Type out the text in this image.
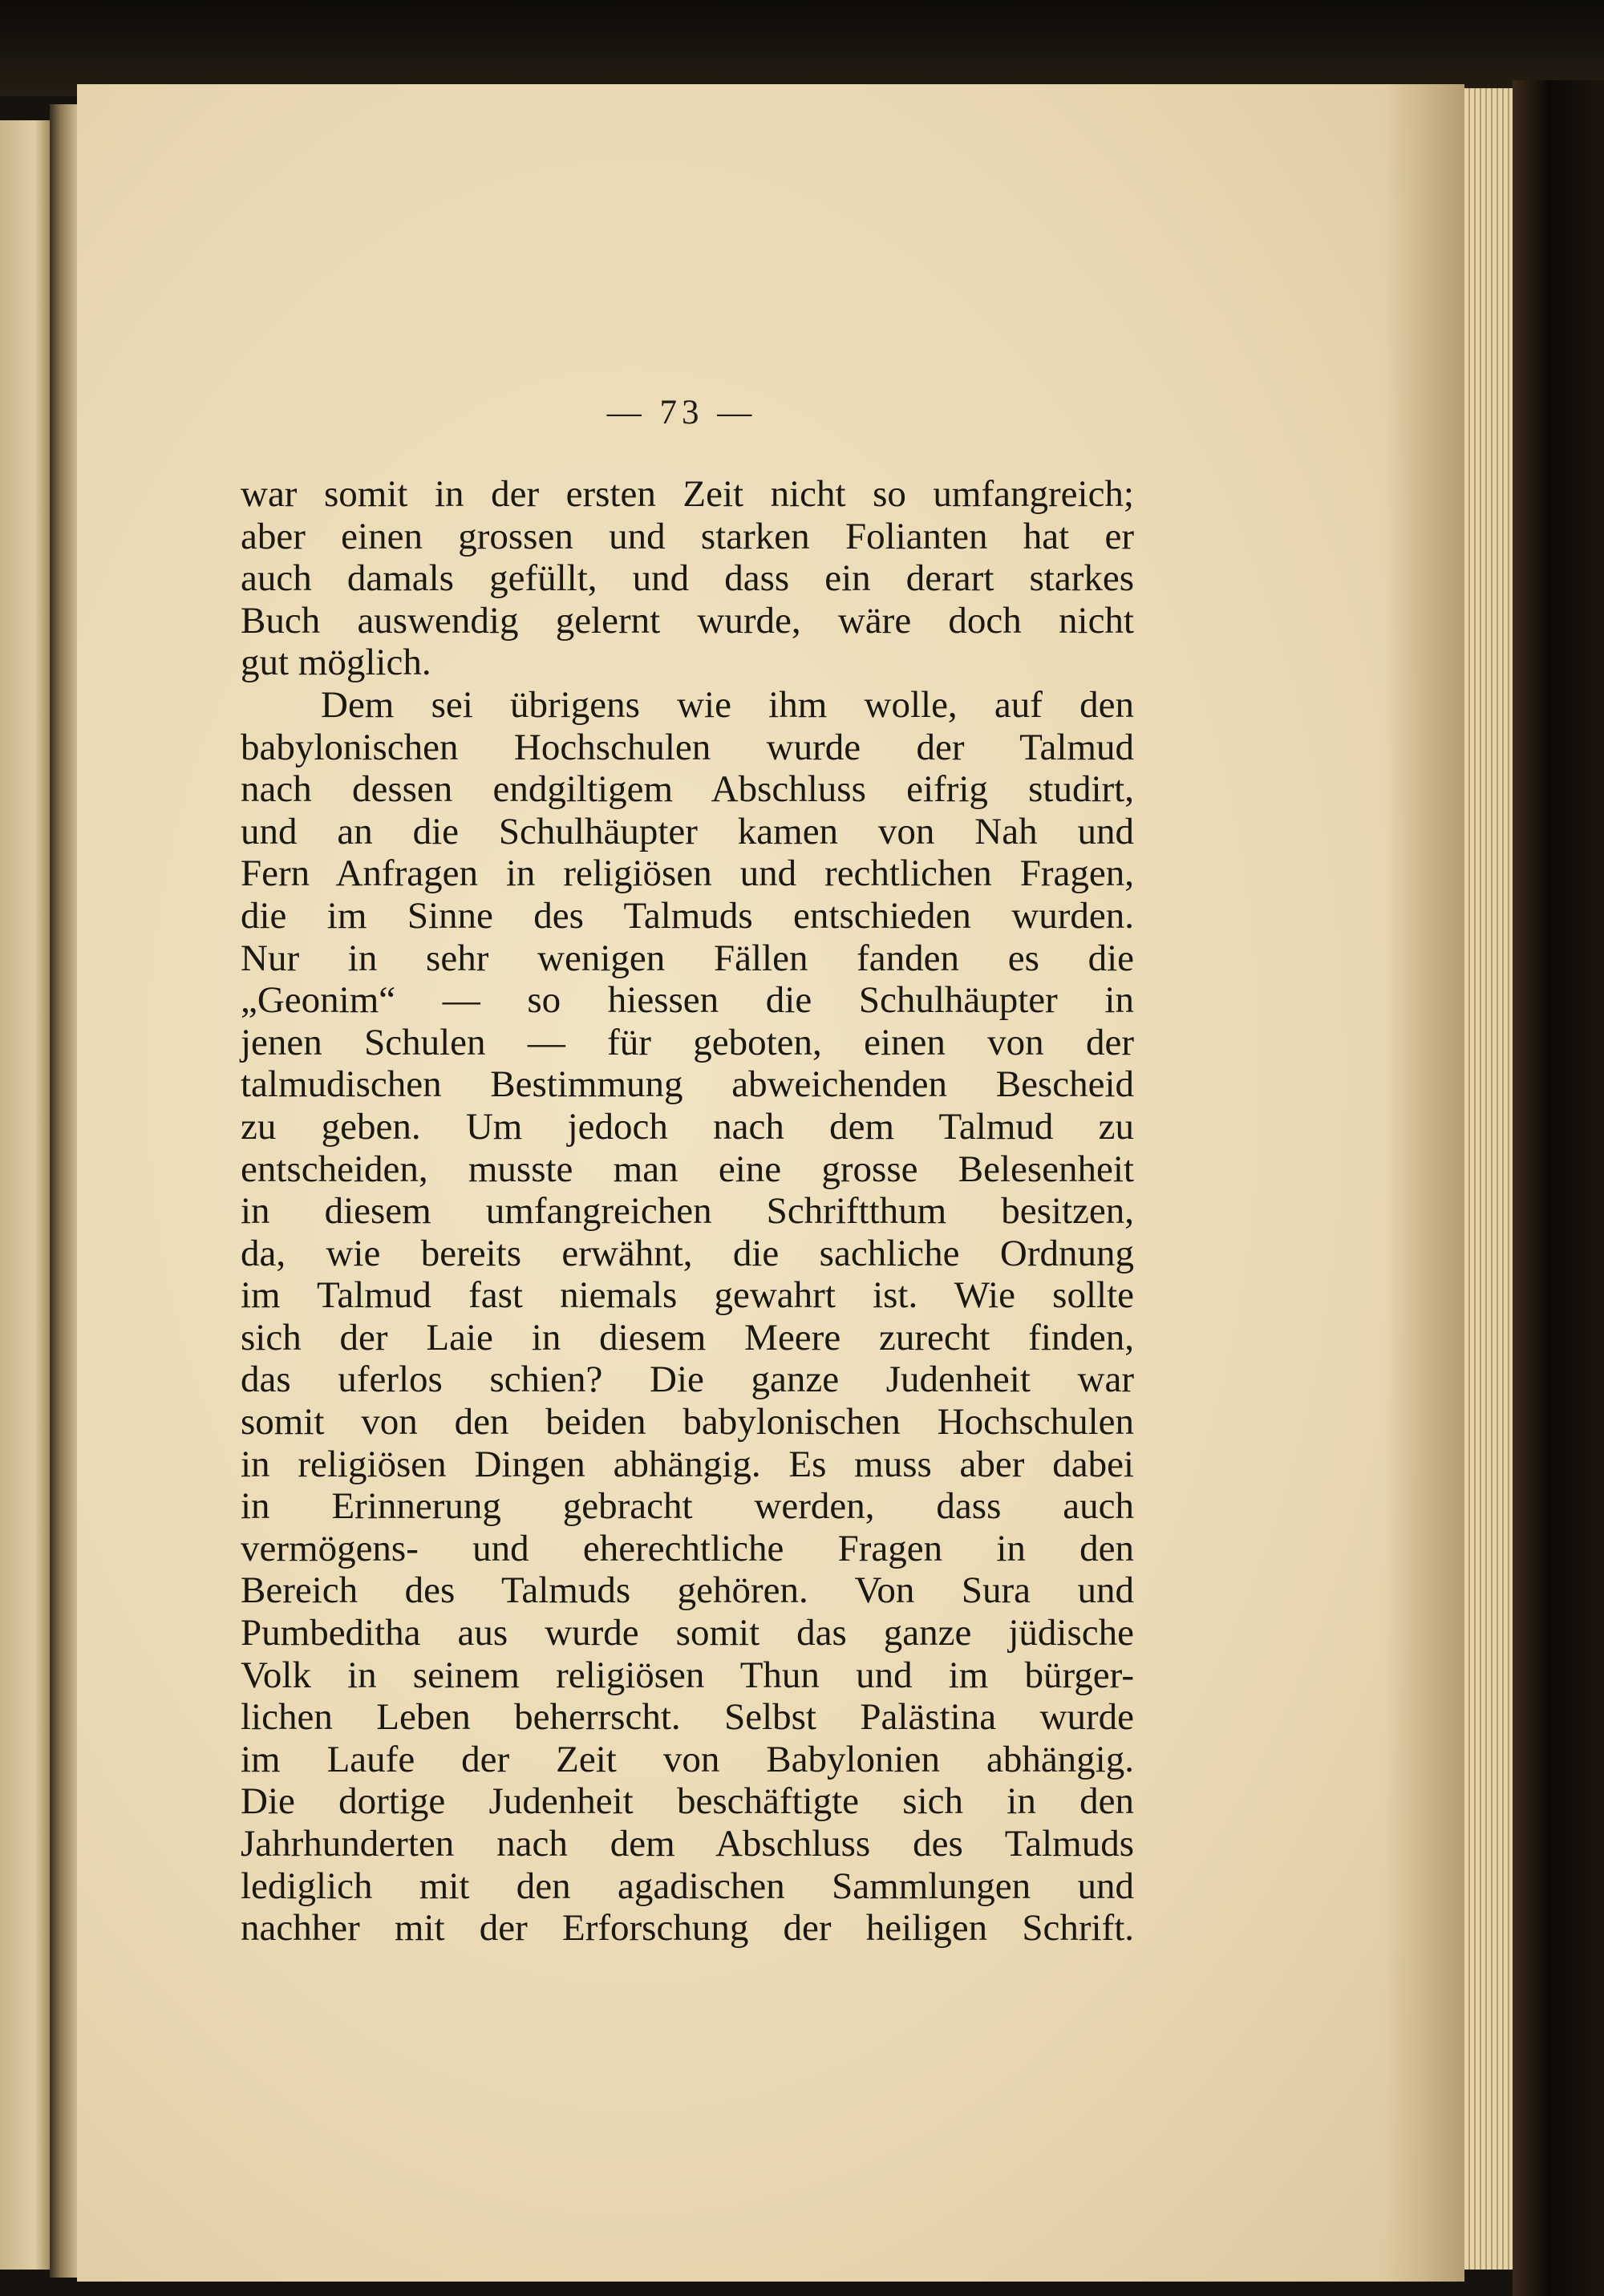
— 73 —
war somit in der ersten Zeit nicht so umfangreich;
aber einen grossen und starken Folianten hat er
auch damals gefüllt, und dass ein derart starkes
Buch auswendig gelernt wurde, wäre doch nicht
gut möglich.
Dem sei übrigens wie ihm wolle, auf den
babylonischen Hochschulen wurde der Talmud
nach dessen endgiltigem Abschluss eifrig studirt,
und an die Schulhäupter kamen von Nah und
Fern Anfragen in religiösen und rechtlichen Fragen,
die im Sinne des Talmuds entschieden wurden.
Nur in sehr wenigen Fällen fanden es die
„Geonim“ — so hiessen die Schulhäupter in
jenen Schulen — für geboten, einen von der
talmudischen Bestimmung abweichenden Bescheid
zu geben. Um jedoch nach dem Talmud zu
entscheiden, musste man eine grosse Belesenheit
in diesem umfangreichen Schriftthum besitzen,
da, wie bereits erwähnt, die sachliche Ordnung
im Talmud fast niemals gewahrt ist. Wie sollte
sich der Laie in diesem Meere zurecht finden,
das uferlos schien? Die ganze Judenheit war
somit von den beiden babylonischen Hochschulen
in religiösen Dingen abhängig. Es muss aber dabei
in Erinnerung gebracht werden, dass auch
vermögens- und eherechtliche Fragen in den
Bereich des Talmuds gehören. Von Sura und
Pumbeditha aus wurde somit das ganze jüdische
Volk in seinem religiösen Thun und im bürger-
lichen Leben beherrscht. Selbst Palästina wurde
im Laufe der Zeit von Babylonien abhängig.
Die dortige Judenheit beschäftigte sich in den
Jahrhunderten nach dem Abschluss des Talmuds
lediglich mit den agadischen Sammlungen und
nachher mit der Erforschung der heiligen Schrift.
